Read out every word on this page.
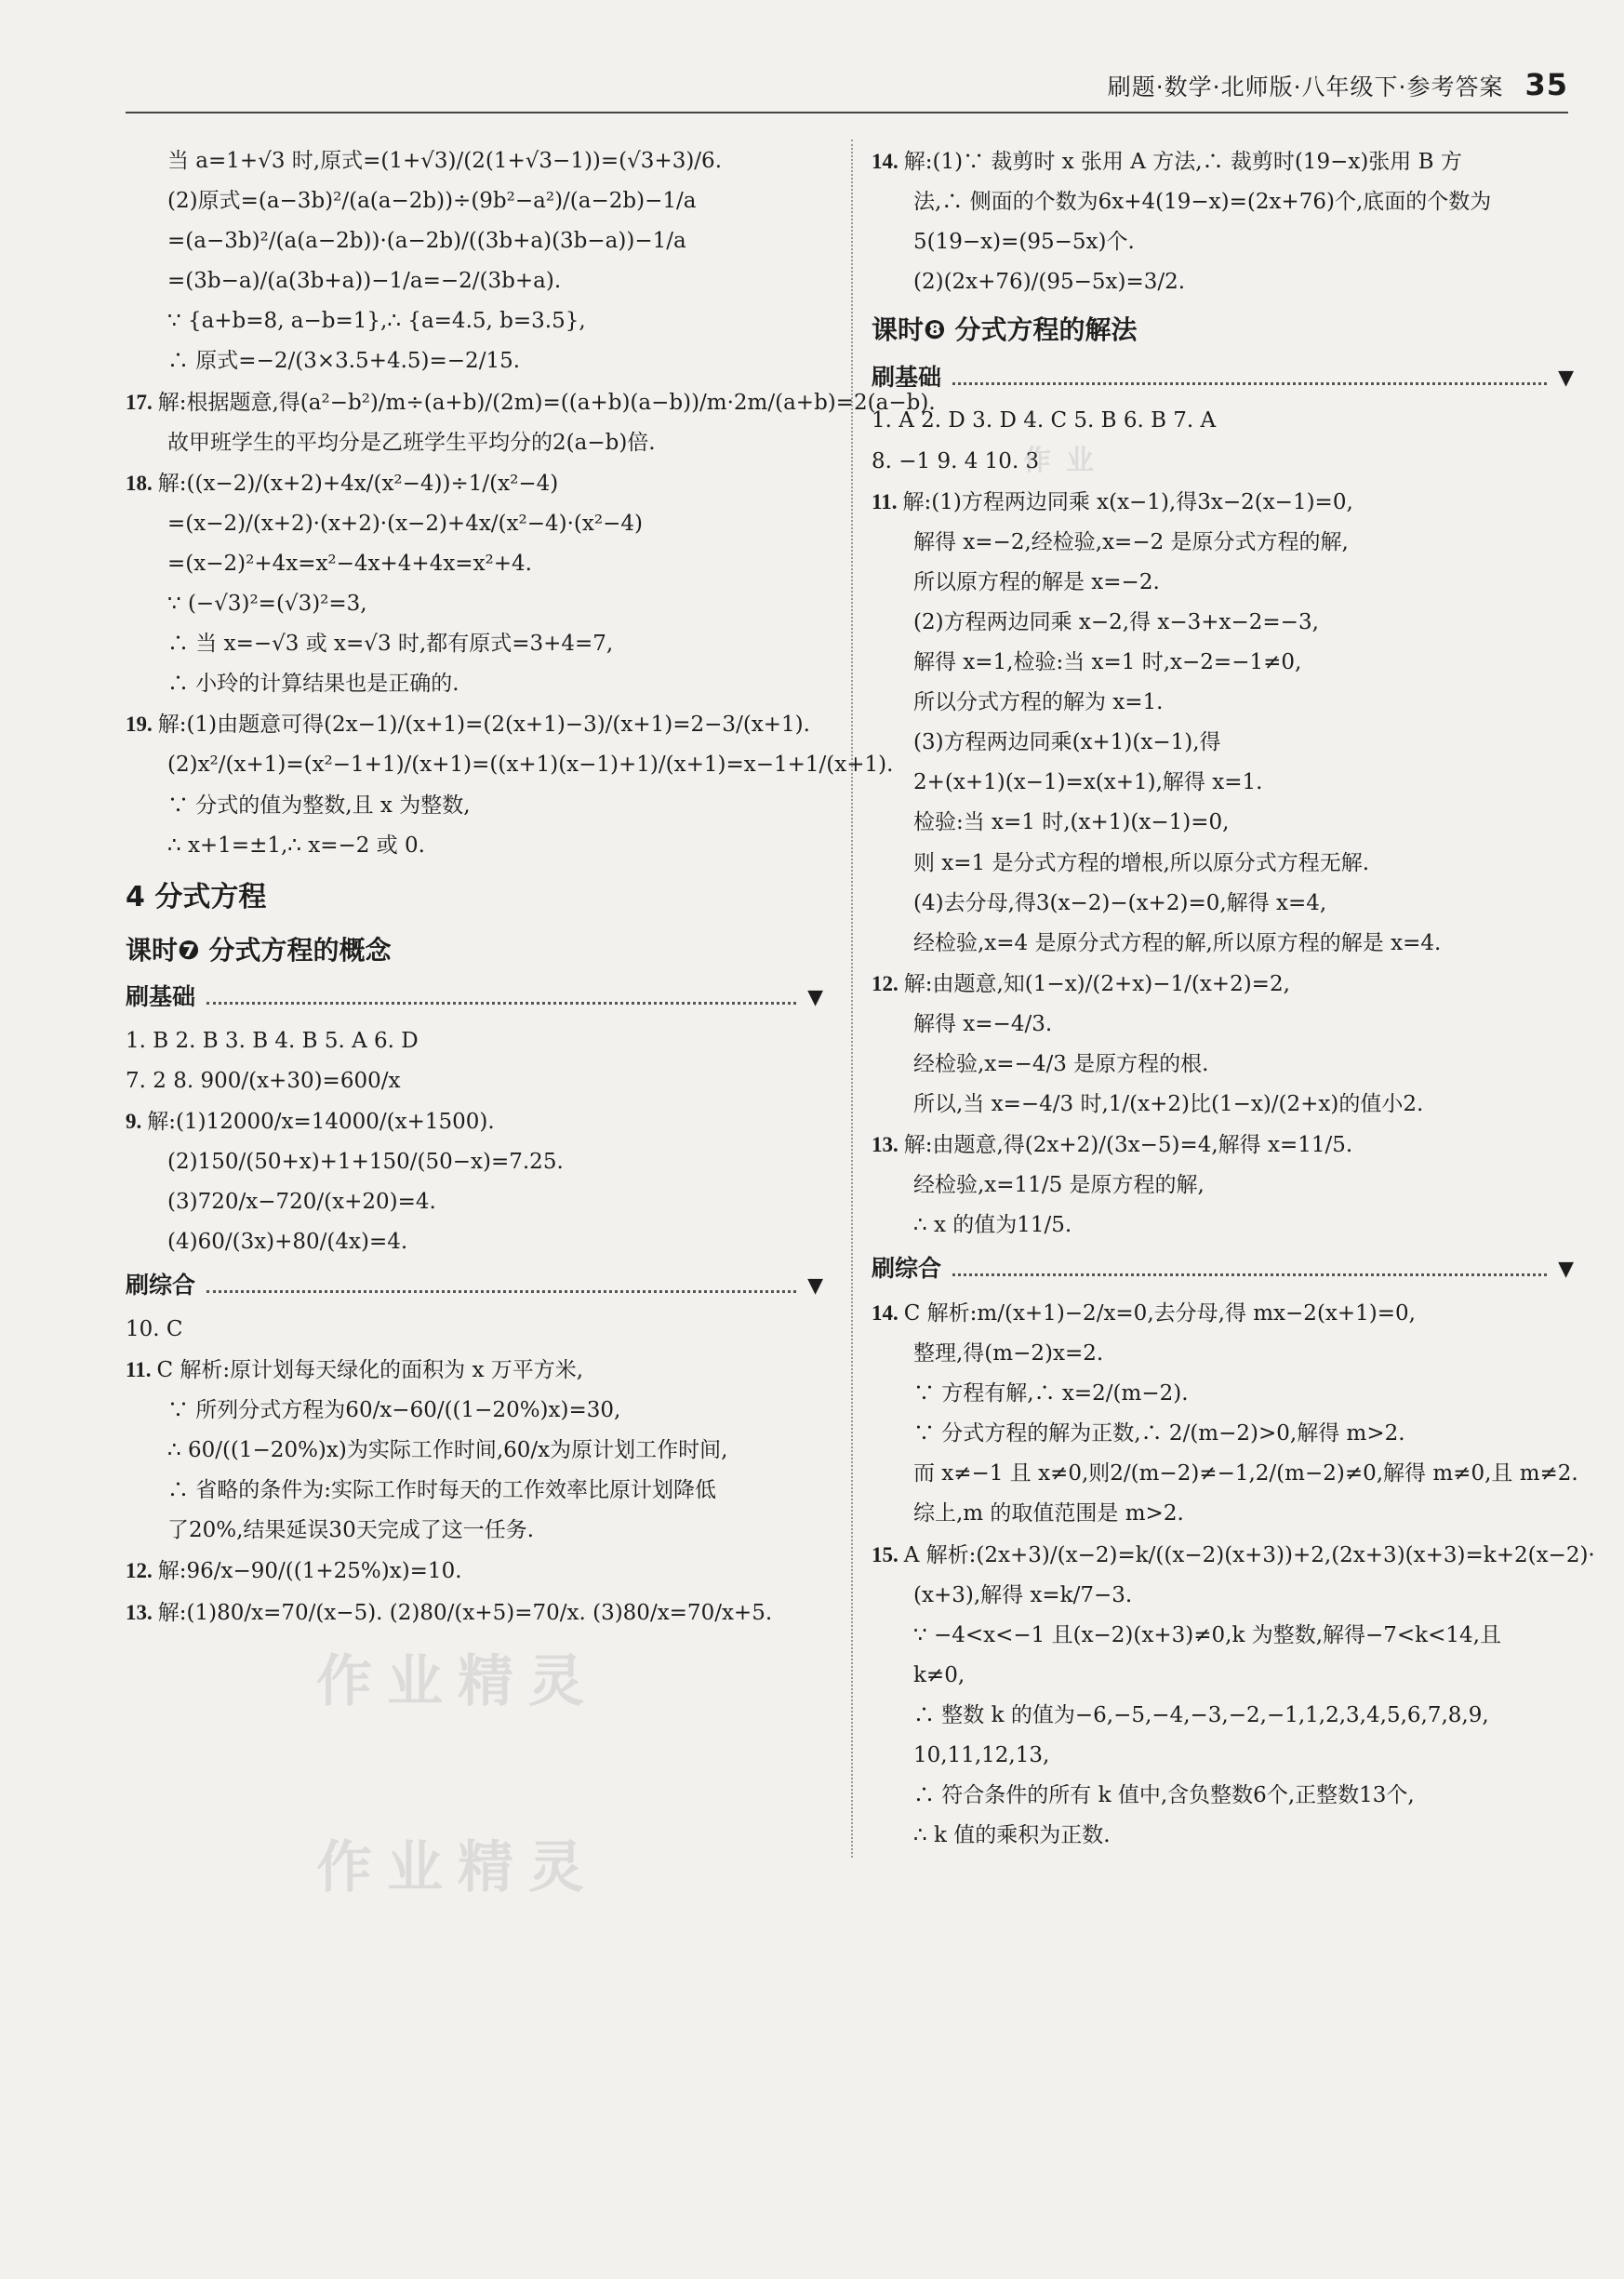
刷题·数学·北师版·八年级下·参考答案 35
当 a=1+√3 时,原式=(1+√3)/(2(1+√3−1))=(√3+3)/6.
(2)原式=(a−3b)²/(a(a−2b))÷(9b²−a²)/(a−2b)−1/a
=(a−3b)²/(a(a−2b))·(a−2b)/((3b+a)(3b−a))−1/a
=(3b−a)/(a(3b+a))−1/a=−2/(3b+a).
∵ {a+b=8, a−b=1},∴ {a=4.5, b=3.5},
∴ 原式=−2/(3×3.5+4.5)=−2/15.
17. 解:根据题意,得(a²−b²)/m÷(a+b)/(2m)=((a+b)(a−b))/m·2m/(a+b)=2(a−b).
故甲班学生的平均分是乙班学生平均分的2(a−b)倍.
18. 解:((x−2)/(x+2)+4x/(x²−4))÷1/(x²−4)
=(x−2)/(x+2)·(x+2)·(x−2)+4x/(x²−4)·(x²−4)
=(x−2)²+4x=x²−4x+4+4x=x²+4.
∵ (−√3)²=(√3)²=3,
∴ 当 x=−√3 或 x=√3 时,都有原式=3+4=7,
∴ 小玲的计算结果也是正确的.
19. 解:(1)由题意可得(2x−1)/(x+1)=(2(x+1)−3)/(x+1)=2−3/(x+1).
(2)x²/(x+1)=(x²−1+1)/(x+1)=((x+1)(x−1)+1)/(x+1)=x−1+1/(x+1).
∵ 分式的值为整数,且 x 为整数,
∴ x+1=±1,∴ x=−2 或 0.
4 分式方程
课时❼ 分式方程的概念
刷基础	▼
1. B 2. B 3. B 4. B 5. A 6. D
7. 2 8. 900/(x+30)=600/x
9. 解:(1)12000/x=14000/(x+1500).
(2)150/(50+x)+1+150/(50−x)=7.25.
(3)720/x−720/(x+20)=4.
(4)60/(3x)+80/(4x)=4.
刷综合	▼
10. C
11. C 解析:原计划每天绿化的面积为 x 万平方米,
∵ 所列分式方程为60/x−60/((1−20%)x)=30,
∴ 60/((1−20%)x)为实际工作时间,60/x为原计划工作时间,
∴ 省略的条件为:实际工作时每天的工作效率比原计划降低
了20%,结果延误30天完成了这一任务.
12. 解:96/x−90/((1+25%)x)=10.
13. 解:(1)80/x=70/(x−5). (2)80/(x+5)=70/x. (3)80/x=70/x+5.
14. 解:(1)∵ 裁剪时 x 张用 A 方法,∴ 裁剪时(19−x)张用 B 方
法,∴ 侧面的个数为6x+4(19−x)=(2x+76)个,底面的个数为
5(19−x)=(95−5x)个.
(2)(2x+76)/(95−5x)=3/2.
课时❽ 分式方程的解法
刷基础	▼
1. A 2. D 3. D 4. C 5. B 6. B 7. A
8. −1 9. 4 10. 3
11. 解:(1)方程两边同乘 x(x−1),得3x−2(x−1)=0,
解得 x=−2,经检验,x=−2 是原分式方程的解,
所以原方程的解是 x=−2.
(2)方程两边同乘 x−2,得 x−3+x−2=−3,
解得 x=1,检验:当 x=1 时,x−2=−1≠0,
所以分式方程的解为 x=1.
(3)方程两边同乘(x+1)(x−1),得
2+(x+1)(x−1)=x(x+1),解得 x=1.
检验:当 x=1 时,(x+1)(x−1)=0,
则 x=1 是分式方程的增根,所以原分式方程无解.
(4)去分母,得3(x−2)−(x+2)=0,解得 x=4,
经检验,x=4 是原分式方程的解,所以原方程的解是 x=4.
12. 解:由题意,知(1−x)/(2+x)−1/(x+2)=2,
解得 x=−4/3.
经检验,x=−4/3 是原方程的根.
所以,当 x=−4/3 时,1/(x+2)比(1−x)/(2+x)的值小2.
13. 解:由题意,得(2x+2)/(3x−5)=4,解得 x=11/5.
经检验,x=11/5 是原方程的解,
∴ x 的值为11/5.
刷综合	▼
14. C 解析:m/(x+1)−2/x=0,去分母,得 mx−2(x+1)=0,
整理,得(m−2)x=2.
∵ 方程有解,∴ x=2/(m−2).
∵ 分式方程的解为正数,∴ 2/(m−2)>0,解得 m>2.
而 x≠−1 且 x≠0,则2/(m−2)≠−1,2/(m−2)≠0,解得 m≠0,且 m≠2.
综上,m 的取值范围是 m>2.
15. A 解析:(2x+3)/(x−2)=k/((x−2)(x+3))+2,(2x+3)(x+3)=k+2(x−2)·
(x+3),解得 x=k/7−3.
∵ −4<x<−1 且(x−2)(x+3)≠0,k 为整数,解得−7<k<14,且
k≠0,
∴ 整数 k 的值为−6,−5,−4,−3,−2,−1,1,2,3,4,5,6,7,8,9,
10,11,12,13,
∴ 符合条件的所有 k 值中,含负整数6个,正整数13个,
∴ k 值的乘积为正数.
作业精灵
作业精灵
作业
